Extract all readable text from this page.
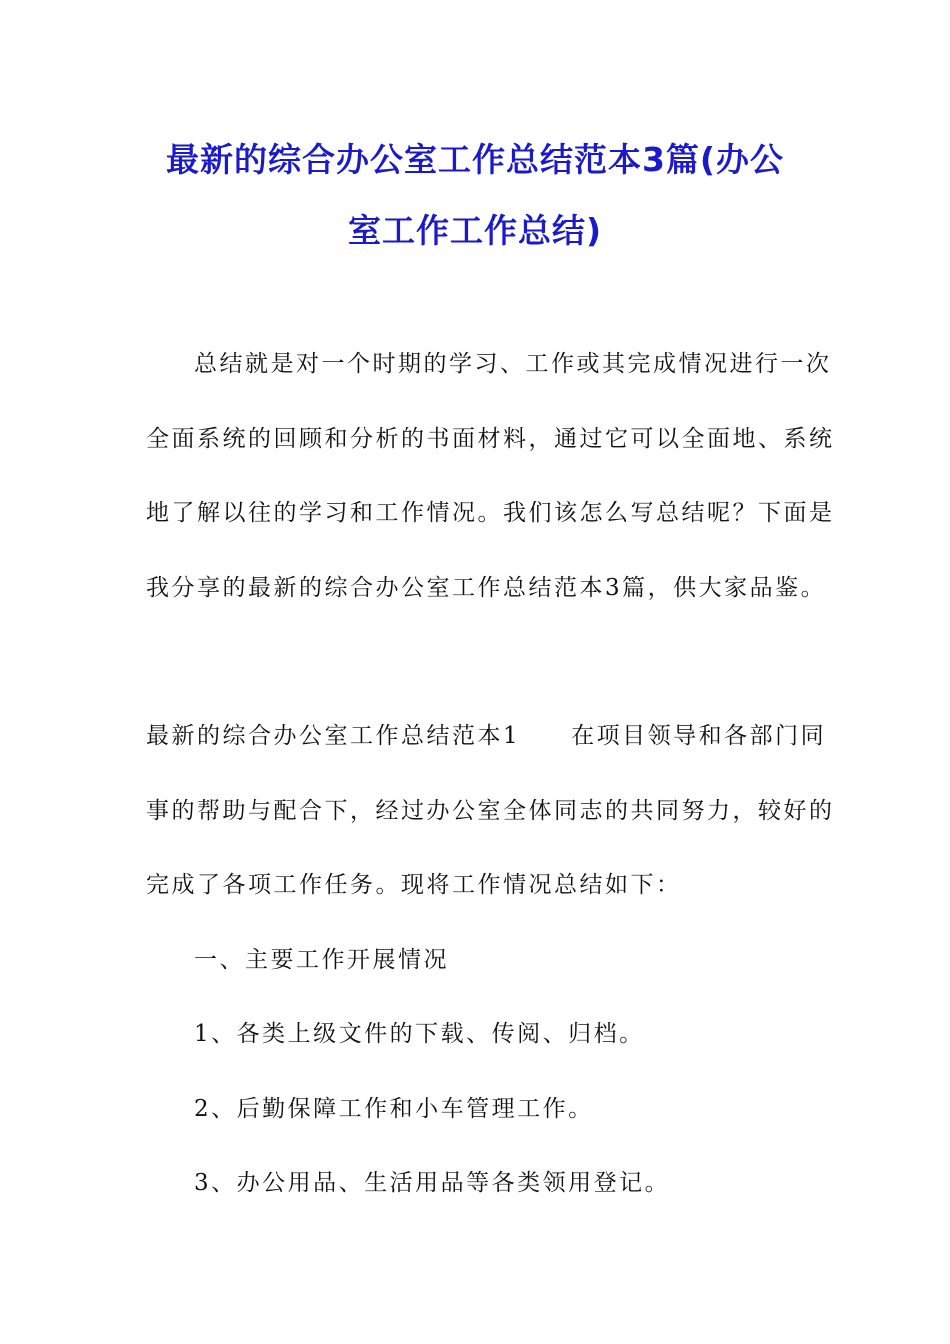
最新的综合办公室工作总结范本3篇(办公
室工作工作总结)
总结就是对一个时期的学习、工作或其完成情况进行一次
全面系统的回顾和分析的书面材料，通过它可以全面地、系统
地了解以往的学习和工作情况。我们该怎么写总结呢？下面是
我分享的最新的综合办公室工作总结范本3篇，供大家品鉴。
最新的综合办公室工作总结范本1　　在项目领导和各部门同
事的帮助与配合下，经过办公室全体同志的共同努力，较好的
完成了各项工作任务。现将工作情况总结如下：
一、主要工作开展情况
1、各类上级文件的下载、传阅、归档。
2、后勤保障工作和小车管理工作。
3、办公用品、生活用品等各类领用登记。
